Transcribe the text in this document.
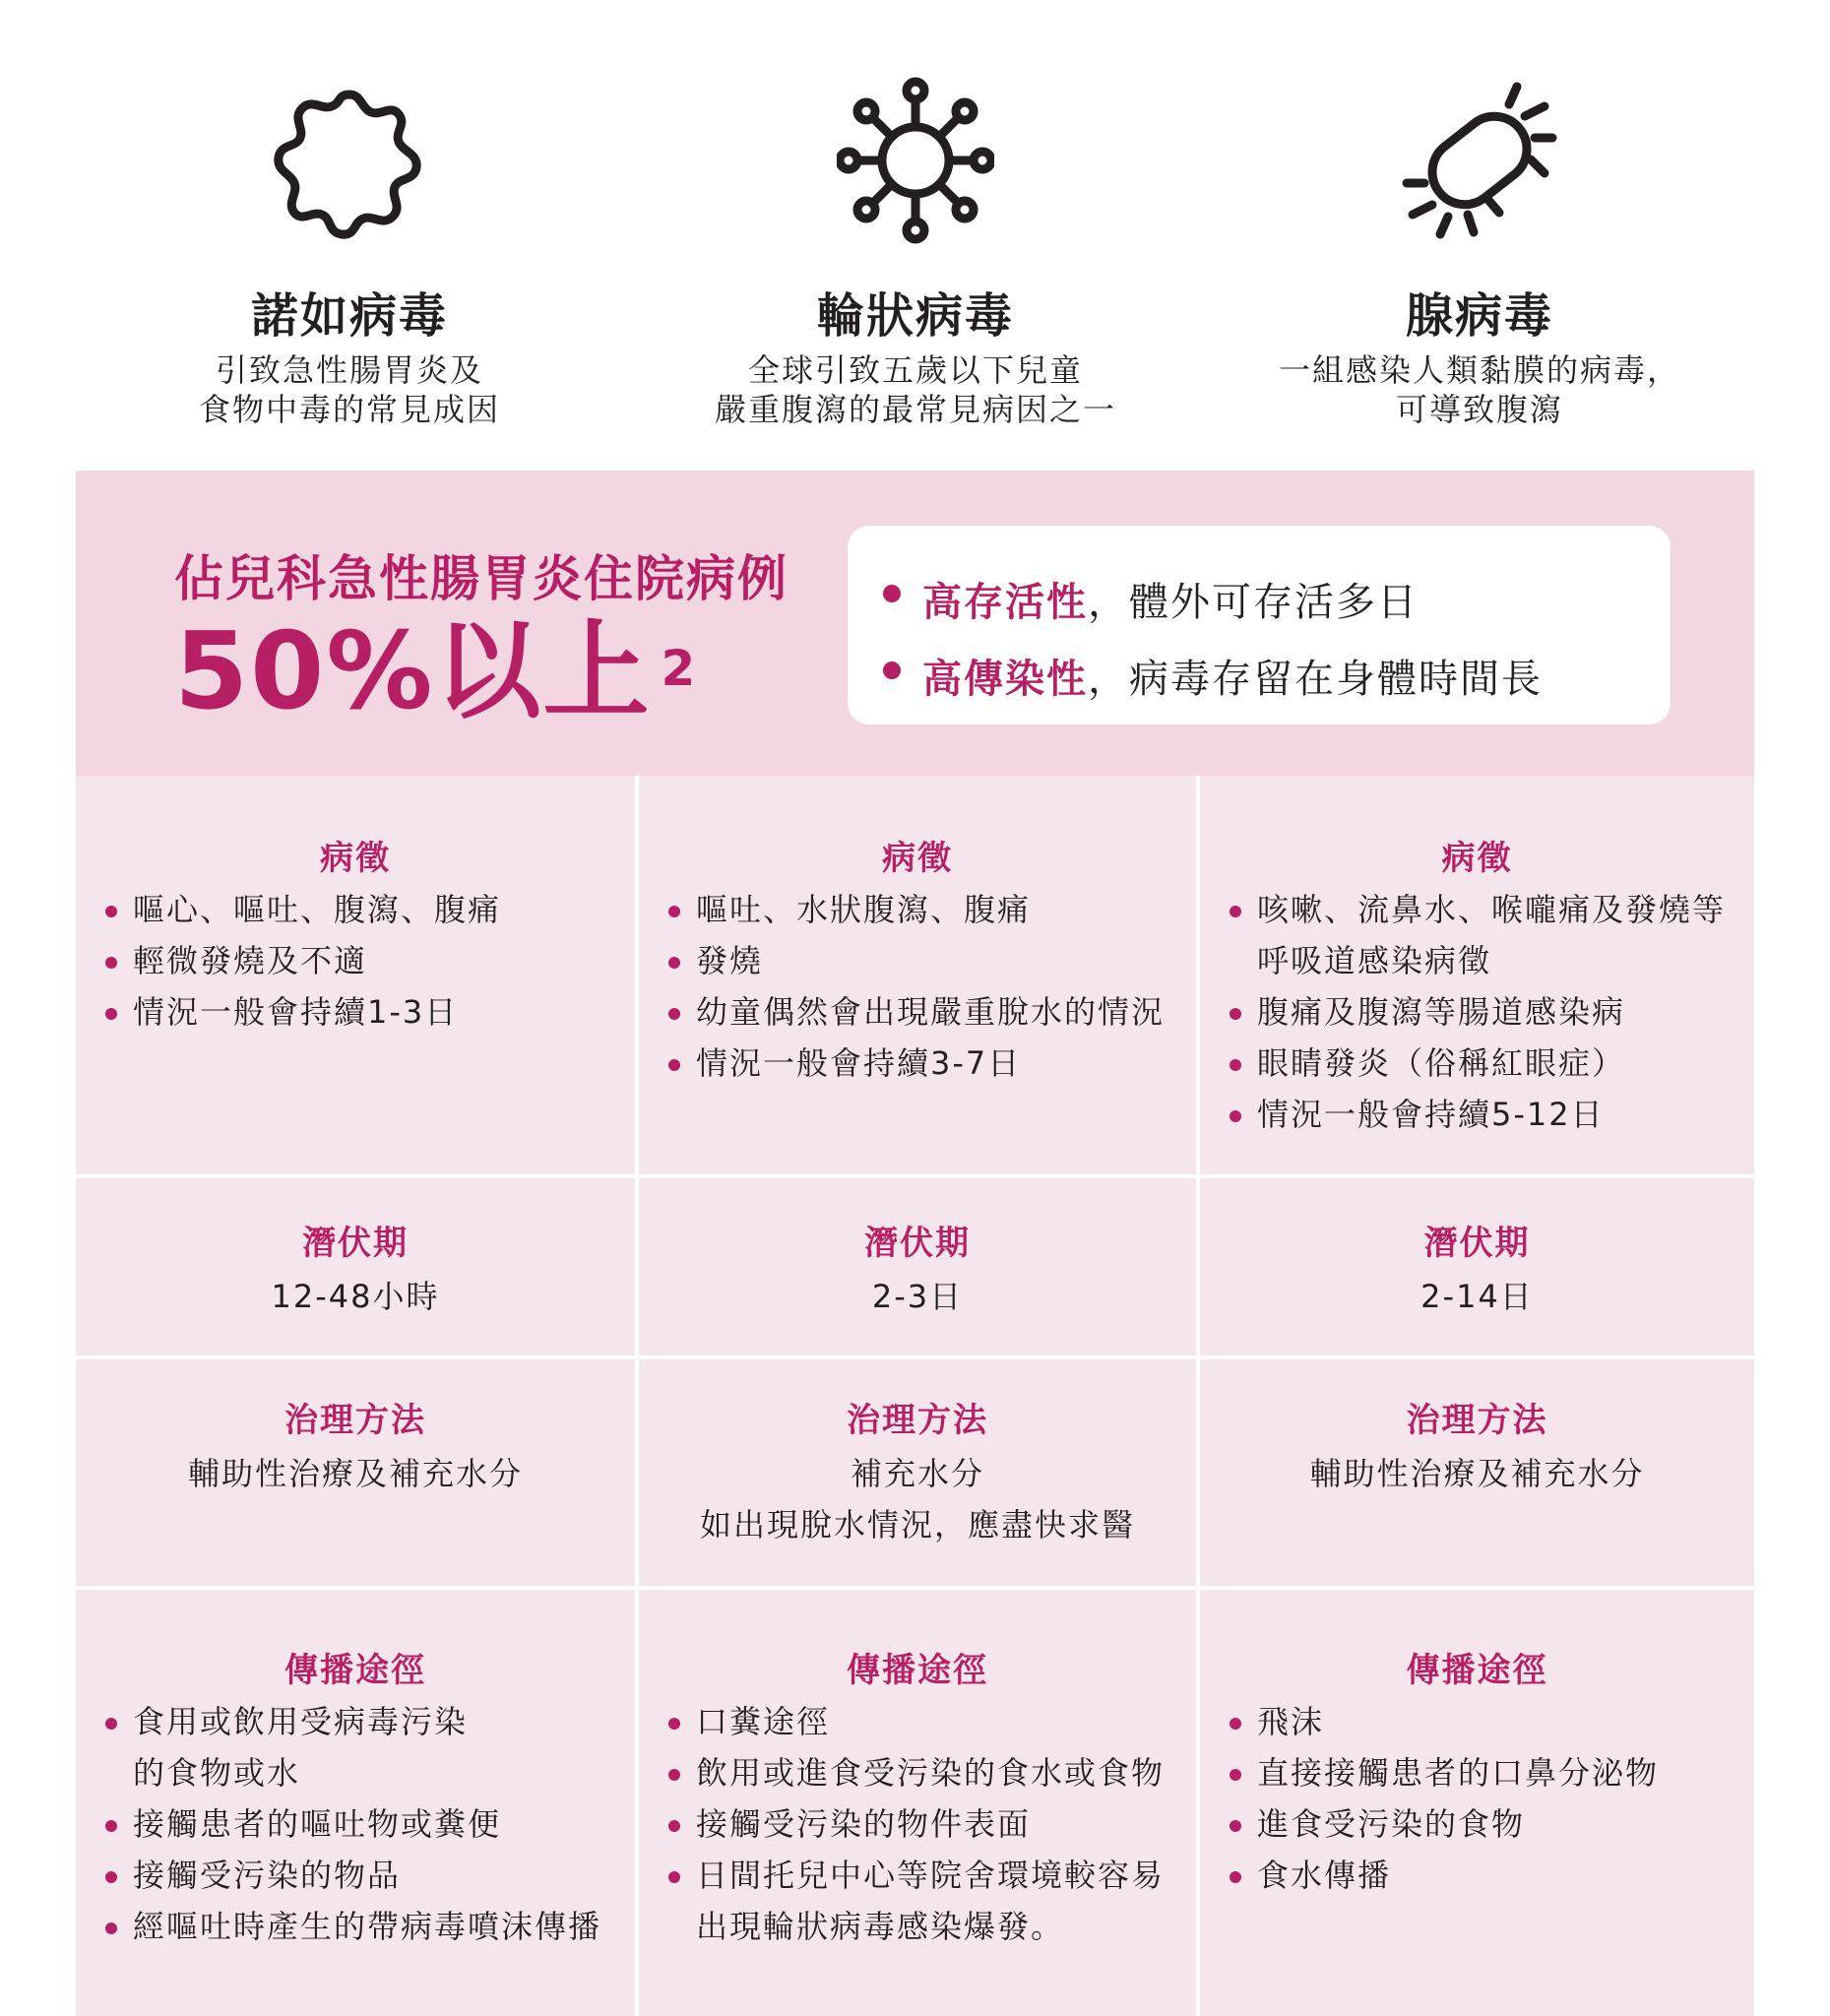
諾如病毒
引致急性腸胃炎及
食物中毒的常見成因
輪狀病毒
全球引致五歲以下兒童
嚴重腹瀉的最常見病因之一
腺病毒
一組感染人類黏膜的病毒，
可導致腹瀉
佔兒科急性腸胃炎住院病例
50%以上 $^2$
高存活性，體外可存活多日
高傳染性，病毒存留在身體時間長
病徵
嘔心、嘔吐、腹瀉、腹痛
輕微發燒及不適
情況一般會持續1-3日
病徵
嘔吐、水狀腹瀉、腹痛
發燒
幼童偶然會出現嚴重脫水的情況
情況一般會持續3-7日
病徵
咳嗽、流鼻水、喉嚨痛及發燒等
呼吸道感染病徵
腹痛及腹瀉等腸道感染病
眼睛發炎（俗稱紅眼症）
情況一般會持續5-12日
潛伏期
12-48小時
潛伏期
2-3日
潛伏期
2-14日
治理方法
輔助性治療及補充水分
治理方法
補充水分
如出現脫水情況，應盡快求醫
治理方法
輔助性治療及補充水分
傳播途徑
食用或飲用受病毒污染
的食物或水
接觸患者的嘔吐物或糞便
接觸受污染的物品
經嘔吐時產生的帶病毒噴沫傳播
傳播途徑
口糞途徑
飲用或進食受污染的食水或食物
接觸受污染的物件表面
日間托兒中心等院舍環境較容易
出現輪狀病毒感染爆發。
傳播途徑
飛沫
直接接觸患者的口鼻分泌物
進食受污染的食物
食水傳播
